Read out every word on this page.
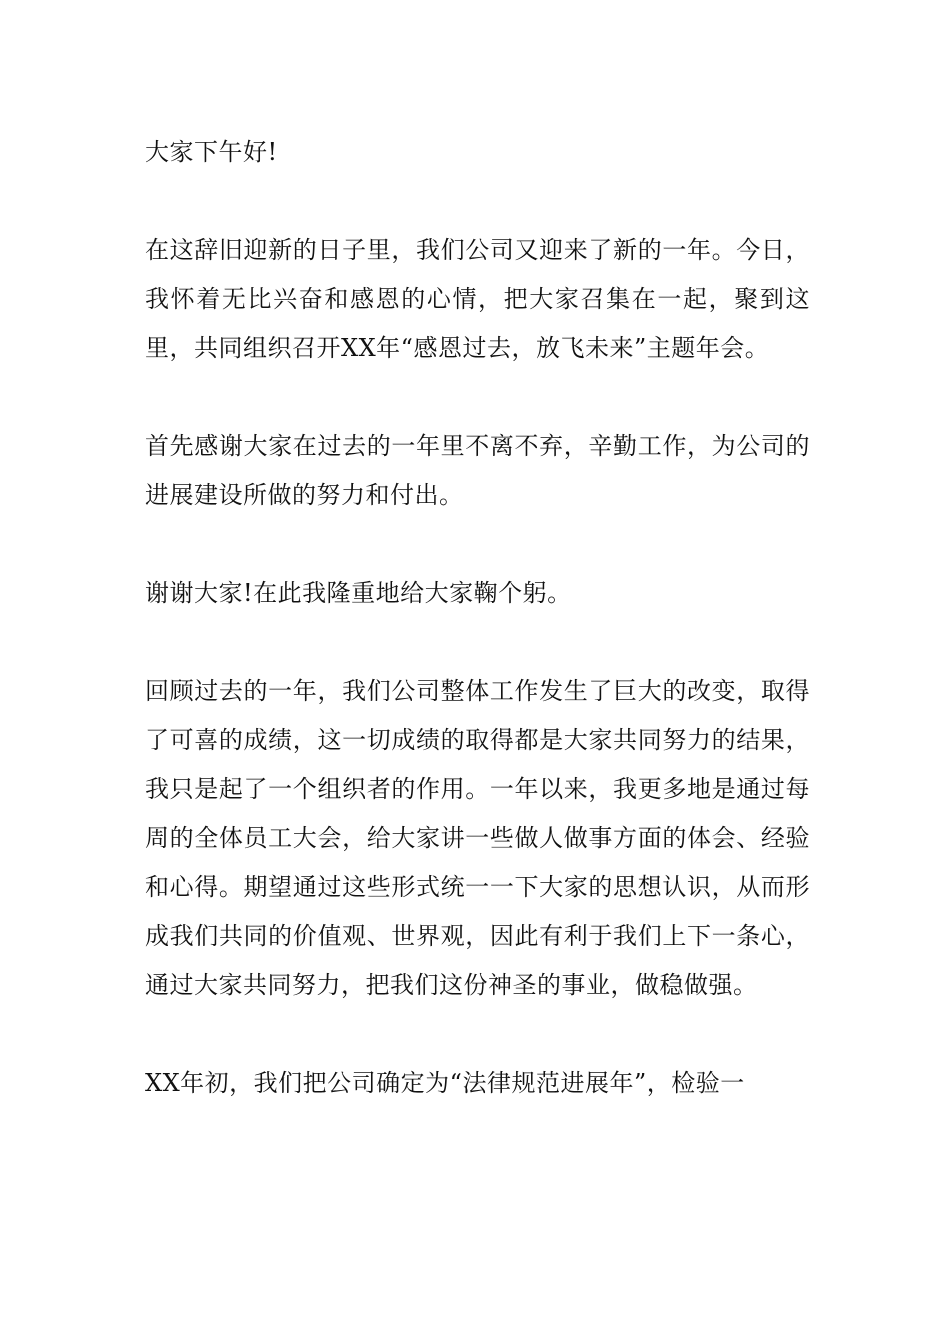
大家下午好!

在这辞旧迎新的日子里，我们公司又迎来了新的一年。今日，我怀着无比兴奋和感恩的心情，把大家召集在一起，聚到这里，共同组织召开XX年“感恩过去，放飞未来”主题年会。

首先感谢大家在过去的一年里不离不弃，辛勤工作，为公司的进展建设所做的努力和付出。

谢谢大家!在此我隆重地给大家鞠个躬。

回顾过去的一年，我们公司整体工作发生了巨大的改变，取得了可喜的成绩，这一切成绩的取得都是大家共同努力的结果，我只是起了一个组织者的作用。一年以来，我更多地是通过每周的全体员工大会，给大家讲一些做人做事方面的体会、经验和心得。期望通过这些形式统一一下大家的思想认识，从而形成我们共同的价值观、世界观，因此有利于我们上下一条心，通过大家共同努力，把我们这份神圣的事业，做稳做强。

XX年初，我们把公司确定为“法律规范进展年”，检验一
